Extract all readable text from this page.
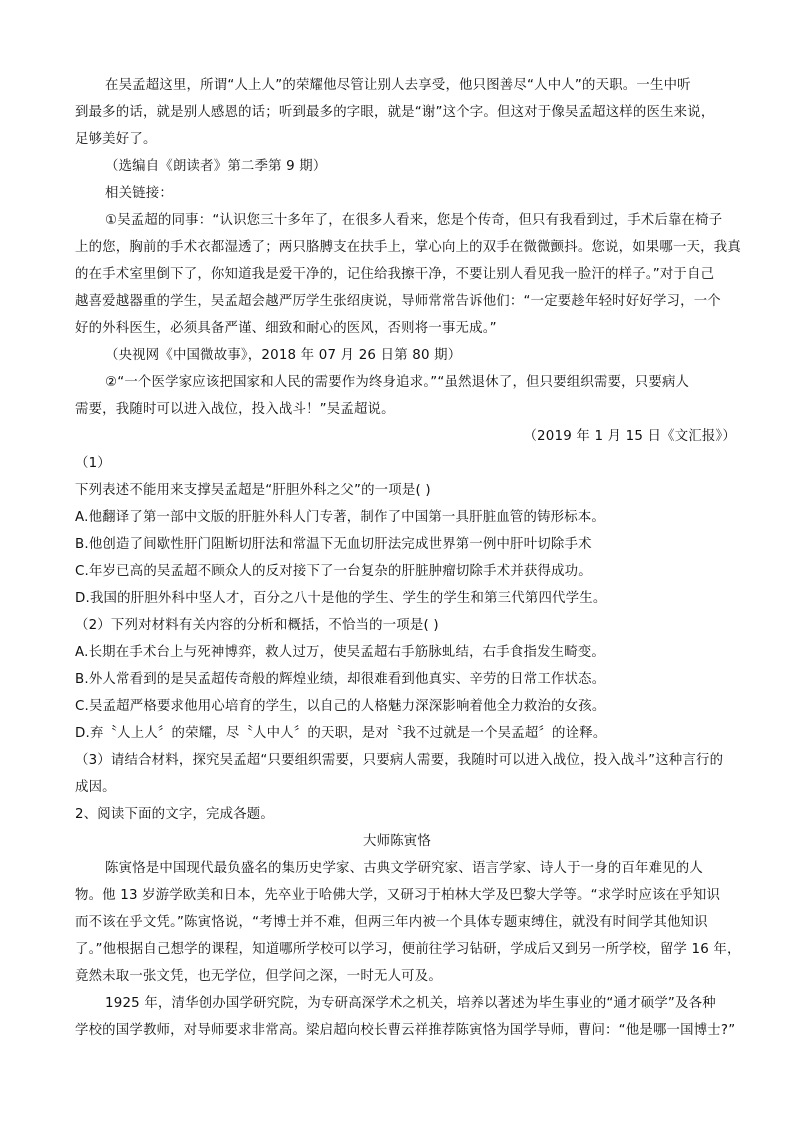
在吴孟超这里，所谓“人上人”的荣耀他尽管让别人去享受，他只图善尽“人中人”的天职。一生中听
到最多的话，就是别人感恩的话；听到最多的字眼，就是“谢”这个字。但这对于像吴孟超这样的医生来说，
足够美好了。
（选编自《朗读者》第二季第 9 期）
相关链接：
①吴孟超的同事：“认识您三十多年了，在很多人看来，您是个传奇，但只有我看到过，手术后靠在椅子
上的您，胸前的手术衣都湿透了；两只胳膊支在扶手上，掌心向上的双手在微微颤抖。您说，如果哪一天，我真
的在手术室里倒下了，你知道我是爱干净的，记住给我擦干净，不要让别人看见我一脸汗的样子。”对于自己
越喜爱越器重的学生，吴孟超会越严厉学生张绍庚说，导师常常告诉他们：“一定要趁年轻时好好学习，一个
好的外科医生，必须具备严谨、细致和耐心的医风，否则将一事无成。”
（央视网《中国微故事》，2018 年 07 月 26 日第 80 期）
②“一个医学家应该把国家和人民的需要作为终身追求。”“虽然退休了，但只要组织需要，只要病人
需要，我随时可以进入战位，投入战斗！”吴孟超说。
（2019 年 1 月 15 日《文汇报》）
（1）
下列表述不能用来支撑吴孟超是“肝胆外科之父”的一项是( )
A.他翻译了第一部中文版的肝脏外科人门专著，制作了中国第一具肝脏血管的铸形标本。
B.他创造了间歇性肝门阻断切肝法和常温下无血切肝法完成世界第一例中肝叶切除手术
C.年岁已高的吴孟超不顾众人的反对接下了一台复杂的肝脏肿瘤切除手术并获得成功。
D.我国的肝胆外科中坚人才，百分之八十是他的学生、学生的学生和第三代第四代学生。
（2）下列对材料有关内容的分析和概括，不恰当的一项是( )
A.长期在手术台上与死神博弈，救人过万，使吴孟超右手筋脉虬结，右手食指发生畸变。
B.外人常看到的是吴孟超传奇般的辉煌业绩，却很难看到他真实、辛劳的日常工作状态。
C.吴孟超严格要求他用心培育的学生，以自己的人格魅力深深影响着他全力救治的女孩。
D.弃〝人上人〞的荣耀，尽〝人中人〞的天职，是对〝我不过就是一个吴孟超〞的诠释。
（3）请结合材料，探究吴孟超“只要组织需要，只要病人需要，我随时可以进入战位，投入战斗”这种言行的
成因。
2、阅读下面的文字，完成各题。
大师陈寅恪
陈寅恪是中国现代最负盛名的集历史学家、古典文学研究家、语言学家、诗人于一身的百年难见的人
物。他 13 岁游学欧美和日本，先卒业于哈佛大学，又研习于柏林大学及巴黎大学等。“求学时应该在乎知识
而不该在乎文凭。”陈寅恪说，“考博士并不难，但两三年内被一个具体专题束缚住，就没有时间学其他知识
了。”他根据自己想学的课程，知道哪所学校可以学习，便前往学习钻研，学成后又到另一所学校，留学 16 年，
竟然未取一张文凭，也无学位，但学问之深，一时无人可及。
1925 年，清华创办国学研究院，为专研高深学术之机关，培养以著述为毕生事业的“通才硕学”及各种
学校的国学教师，对导师要求非常高。梁启超向校长曹云祥推荐陈寅恪为国学导师，曹问：“他是哪一国博士?”
